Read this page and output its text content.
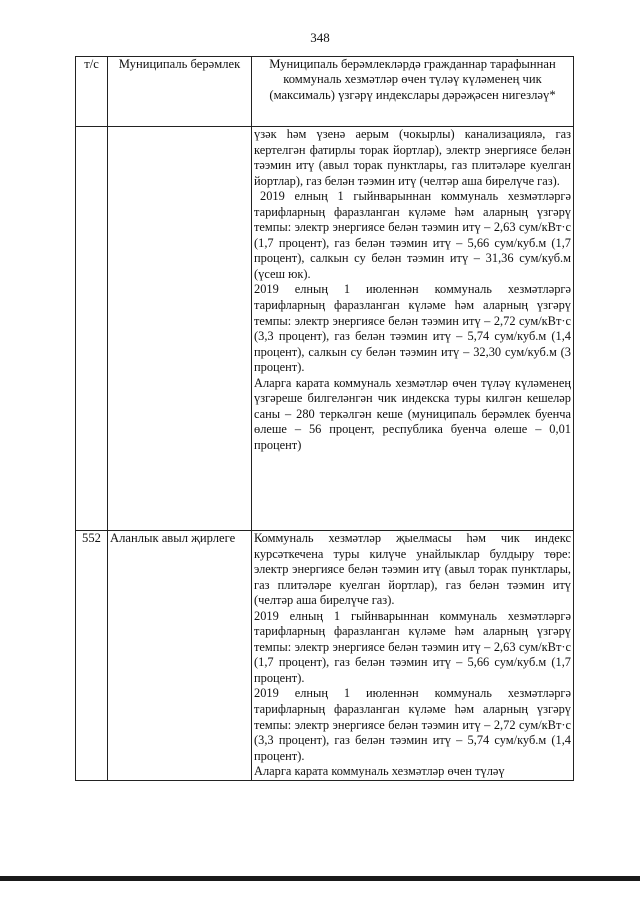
348
т/с	Муниципаль берәмлек	Муниципаль берәмлекләрдә гражданнар тарафыннан коммуналь хезмәтләр өчен түләү күләменең чик (максималь) үзгәрү индекслары дәрәҗәсен нигезләү*

		үзәк һәм үзенә аерым (чокырлы) канализациялә, газ кертелгән фатирлы торак йортлар), электр энергиясе белән тәэмин итү (авыл торак пунктлары, газ плитәләре куелган йортлар), газ белән тәэмин итү (челтәр аша бирелүче газ).

2019 елның 1 гыйнварыннан коммуналь хезмәтләргә тарифларның фаразланган күләме һәм аларның үзгәрү темпы: электр энергиясе белән тәэмин итү – 2,63 сум/кВт·с (1,7 процент), газ белән тәэмин итү – 5,66 сум/куб.м (1,7 процент), салкын су белән тәэмин итү – 31,36 сум/куб.м (үсеш юк).

2019 елның 1 июленнән коммуналь хезмәтләргә тарифларның фаразланган күләме һәм аларның үзгәрү темпы: электр энергиясе белән тәэмин итү – 2,72 сум/кВт·с (3,3 процент), газ белән тәэмин итү – 5,74 сум/куб.м (1,4 процент), салкын су белән тәэмин итү – 32,30 сум/куб.м (3 процент).

Аларга карата коммуналь хезмәтләр өчен түләү күләменең үзгәреше билгеләнгән чик индекска туры килгән кешеләр саны – 280 теркәлгән кеше (муниципаль берәмлек буенча өлеше – 56 процент, республика буенча өлеше – 0,01 процент)

552	Аланлык авыл җирлеге	Коммуналь хезмәтләр җыелмасы һәм чик индекс курсәткечена туры килүче унайлыклар булдыру төре: электр энергиясе белән тәэмин итү (авыл торак пунктлары, газ плитәләре куелган йортлар), газ белән тәэмин итү (челтәр аша бирелүче газ).

2019 елның 1 гыйнварыннан коммуналь хезмәтләргә тарифларның фаразланган күләме һәм аларның үзгәрү темпы: электр энергиясе белән тәэмин итү – 2,63 сум/кВт·с (1,7 процент), газ белән тәэмин итү – 5,66 сум/куб.м (1,7 процент).

2019 елның 1 июленнән коммуналь хезмәтләргә тарифларның фаразланган күләме һәм аларның үзгәрү темпы: электр энергиясе белән тәэмин итү – 2,72 сум/кВт·с (3,3 процент), газ белән тәэмин итү – 5,74 сум/куб.м (1,4 процент).

Аларга карата коммуналь хезмәтләр өчен түләү
